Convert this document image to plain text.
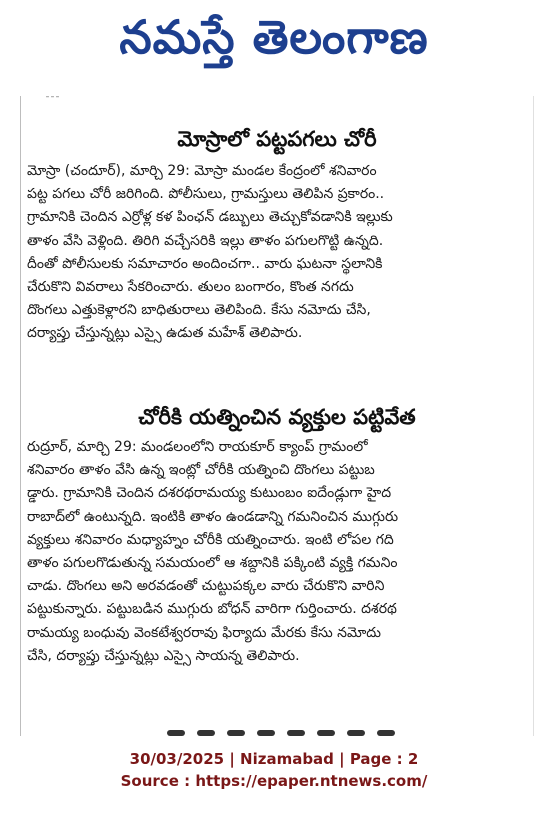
నమస్తే తెలంగాణ
ˉˉˉ
మోస్రాలో పట్టపగలు చోరీ
మోస్రా (చందూర్), మార్చి 29: మోస్రా మండల కేంద్రంలో శనివారం
పట్ట పగలు చోరీ జరిగింది. పోలీసులు, గ్రామస్తులు తెలిపిన ప్రకారం..
గ్రామానికి చెందిన ఎర్రోళ్ల కళ పింఛన్ డబ్బులు తెచ్చుకోవడానికి ఇల్లుకు
తాళం వేసి వెళ్లింది. తిరిగి వచ్చేసరికి ఇల్లు తాళం పగులగొట్టి ఉన్నది.
దీంతో పోలీసులకు సమాచారం అందించగా.. వారు ఘటనా స్థలానికి
చేరుకొని వివరాలు సేకరించారు. తులం బంగారం, కొంత నగదు
దొంగలు ఎత్తుకెళ్లారని బాధితురాలు తెలిపింది. కేసు నమోదు చేసి,
దర్యాప్తు చేస్తున్నట్లు ఎస్సై ఉడుత మహేశ్ తెలిపారు.
చోరీకి యత్నించిన వ్యక్తుల పట్టివేత
రుద్రూర్, మార్చి 29: మండలంలోని రాయకూర్ క్యాంప్ గ్రామంలో
శనివారం తాళం వేసి ఉన్న ఇంట్లో చోరీకి యత్నించి దొంగలు పట్టుబ
డ్డారు. గ్రామానికి చెందిన దశరథరామయ్య కుటుంబం ఐదేండ్లుగా హైద
రాబాద్‌లో ఉంటున్నది. ఇంటికి తాళం ఉండడాన్ని గమనించిన ముగ్గురు
వ్యక్తులు శనివారం మధ్యాహ్నం చోరీకి యత్నించారు. ఇంటి లోపల గది
తాళం పగులగొడుతున్న సమయంలో ఆ శబ్దానికి పక్కింటి వ్యక్తి గమనిం
చాడు. దొంగలు అని అరవడంతో చుట్టుపక్కల వారు చేరుకొని వారిని
పట్టుకున్నారు. పట్టుబడిన ముగ్గురు బోధన్ వారిగా గుర్తించారు. దశరథ
రామయ్య బంధువు వెంకటేశ్వరరావు ఫిర్యాదు మేరకు కేసు నమోదు
చేసి, దర్యాప్తు చేస్తున్నట్లు ఎస్సై సాయన్న తెలిపారు.
30/03/2025 | Nizamabad | Page : 2
Source : https://epaper.ntnews.com/
